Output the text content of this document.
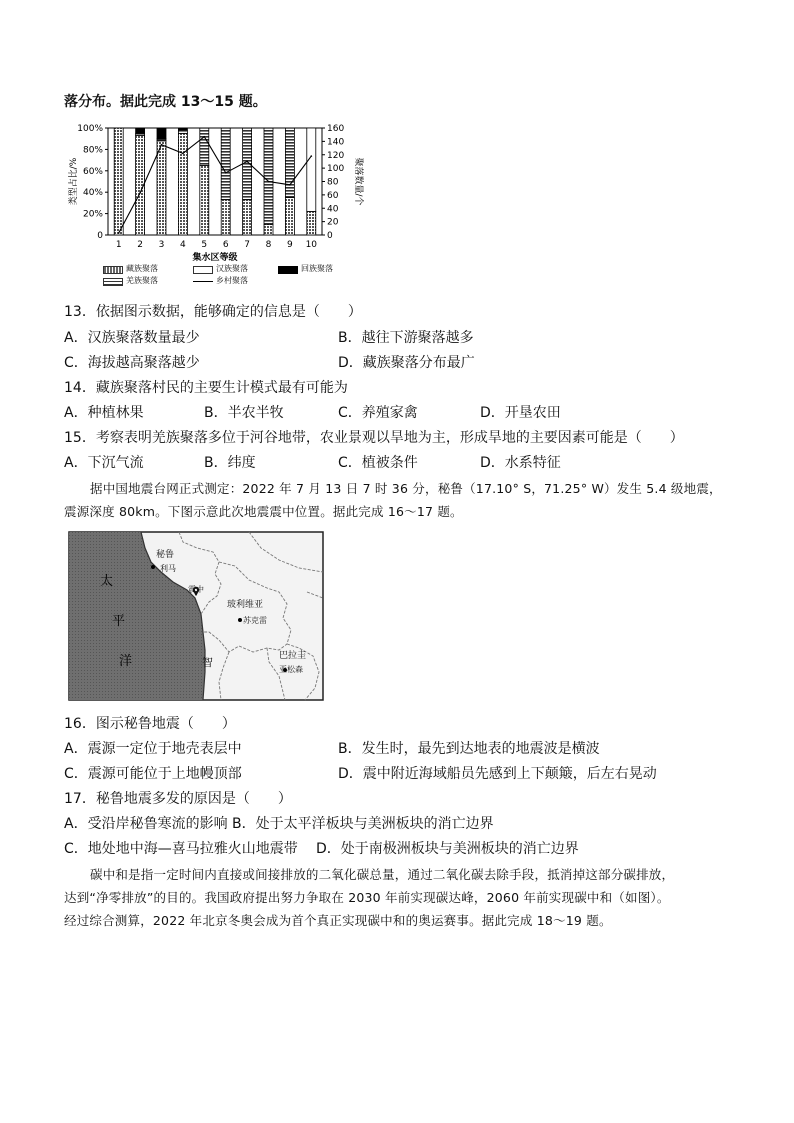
落分布。据此完成 13～15 题。
0
20%
40%
60%
80%
100%
0
20
40
60
80
100
120
140
160
类型占比/%	聚落数量/个
1 2 3 4 5 6 7 8 9 10
集水区等级
藏族聚落	汉族聚落	回族聚落
羌族聚落	乡村聚落
13．依据图示数据，能够确定的信息是（　　）
A．汉族聚落数量最少	B．越往下游聚落越多
C．海拔越高聚落越少	D．藏族聚落分布最广
14．藏族聚落村民的主要生计模式最有可能为
A．种植林果	B．半农半牧	C．养殖家禽	D．开垦农田
15．考察表明羌族聚落多位于河谷地带，农业景观以旱地为主，形成旱地的主要因素可能是（　　）
A．下沉气流	B．纬度	C．植被条件	D．水系特征
据中国地震台网正式测定：2022 年 7 月 13 日 7 时 36 分，秘鲁（17.10° S，71.25° W）发生 5.4 级地震，
震源深度 80km。下图示意此次地震震中位置。据此完成 16～17 题。
太
平
洋
秘鲁
利马
震中
玻利维亚
苏克雷
智	巴拉圭
亚松森
16．图示秘鲁地震（　　）
A．震源一定位于地壳表层中	B．发生时，最先到达地表的地震波是横波
C．震源可能位于上地幔顶部	D．震中附近海域船员先感到上下颠簸，后左右晃动
17．秘鲁地震多发的原因是（　　）
A．受沿岸秘鲁寒流的影响 B．处于太平洋板块与美洲板块的消亡边界
C．地处地中海—喜马拉雅火山地震带 D．处于南极洲板块与美洲板块的消亡边界
碳中和是指一定时间内直接或间接排放的二氧化碳总量，通过二氧化碳去除手段，抵消掉这部分碳排放，
达到“净零排放”的目的。我国政府提出努力争取在 2030 年前实现碳达峰，2060 年前实现碳中和（如图）。
经过综合测算，2022 年北京冬奥会成为首个真正实现碳中和的奥运赛事。据此完成 18～19 题。
